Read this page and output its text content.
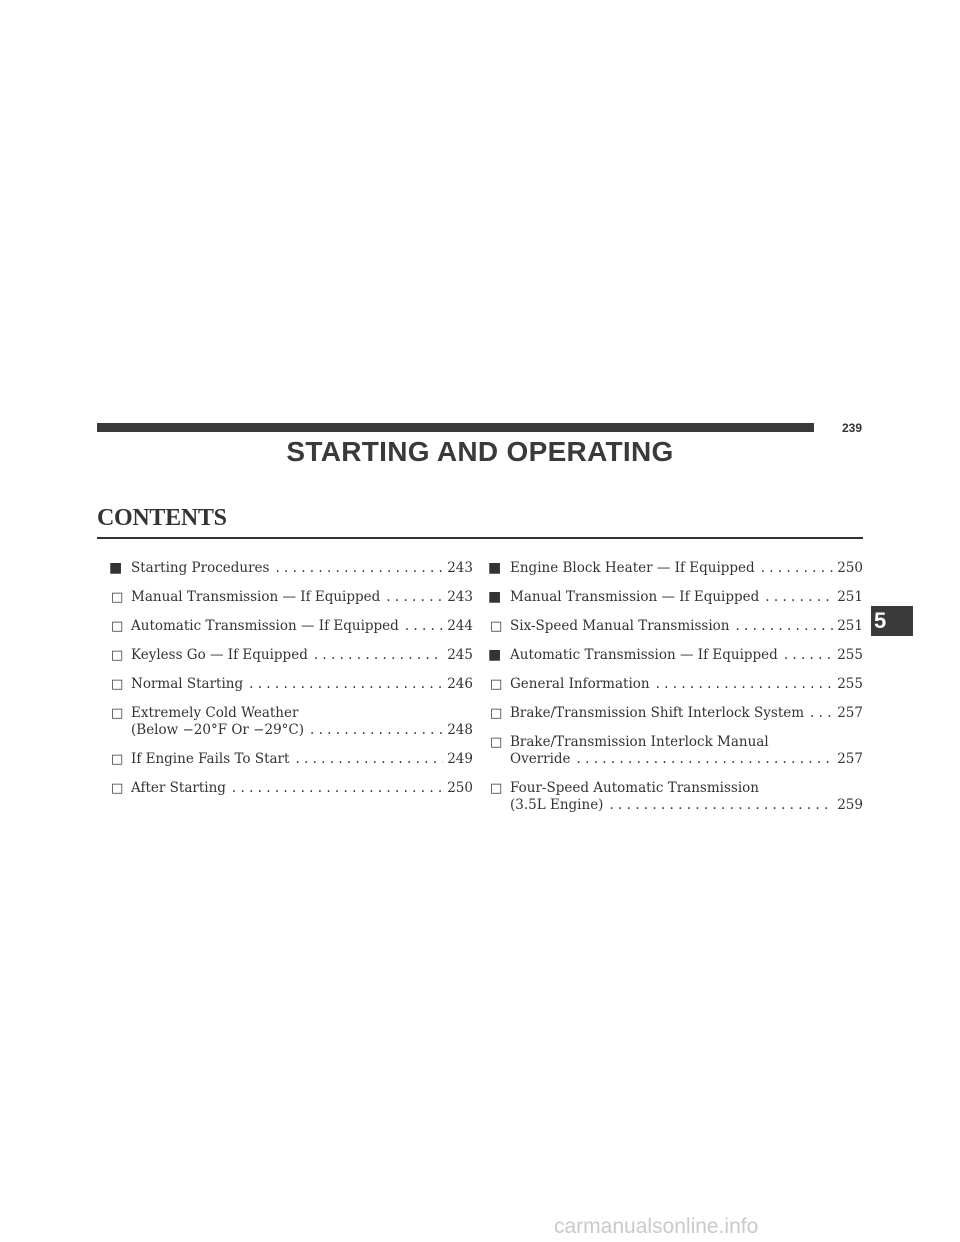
239
STARTING AND OPERATING
CONTENTS
5
■ Starting Procedures . . .	243
□ Manual Transmission — If Equipped . . .	243
□ Automatic Transmission — If Equipped . . .	244
□ Keyless Go — If Equipped . . .	245
□ Normal Starting . . .	246
□ Extremely Cold Weather
(Below −20°F Or −29°C) . . .	248
□ If Engine Fails To Start . . .	249
□ After Starting . . .	250
■ Engine Block Heater — If Equipped . . .	250
■ Manual Transmission — If Equipped . . .	251
□ Six-Speed Manual Transmission . . .	251
■ Automatic Transmission — If Equipped . . .	255
□ General Information . . .	255
□ Brake/Transmission Shift Interlock System . . . 257
□ Brake/Transmission Interlock Manual
Override . . .	257
□ Four-Speed Automatic Transmission
(3.5L Engine) . . .	259
carmanualsonline.info
